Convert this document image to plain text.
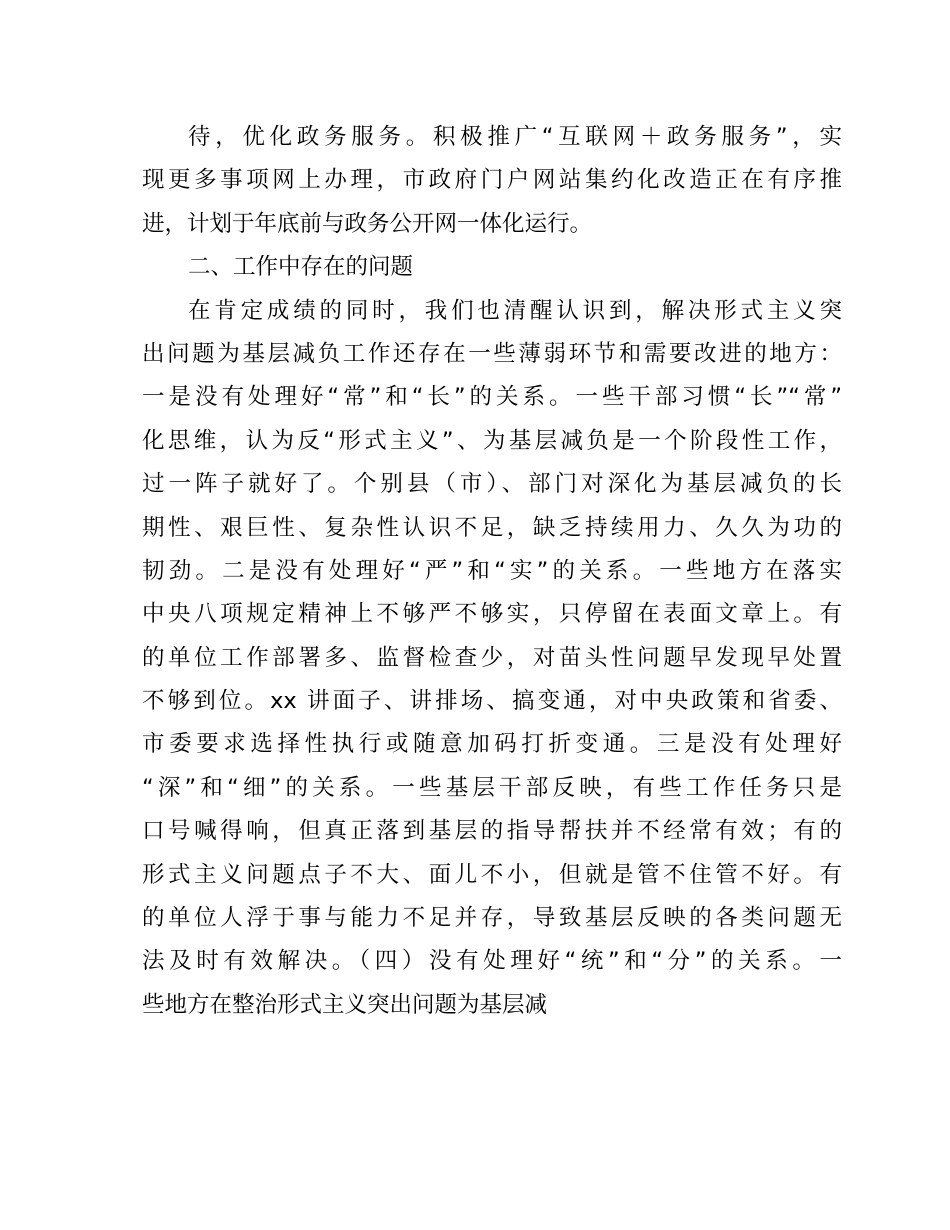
待，优化政务服务。积极推广“互联网＋政务服务”，实
现更多事项网上办理，市政府门户网站集约化改造正在有序推
进，计划于年底前与政务公开网一体化运行。
二、工作中存在的问题
在肯定成绩的同时，我们也清醒认识到，解决形式主义突
出问题为基层减负工作还存在一些薄弱环节和需要改进的地方：
一是没有处理好“常”和“长”的关系。一些干部习惯“长”“常”
化思维，认为反“形式主义”、为基层减负是一个阶段性工作，
过一阵子就好了。个别县（市）、部门对深化为基层减负的长
期性、艰巨性、复杂性认识不足，缺乏持续用力、久久为功的
韧劲。二是没有处理好“严”和“实”的关系。一些地方在落实
中央八项规定精神上不够严不够实，只停留在表面文章上。有
的单位工作部署多、监督检查少，对苗头性问题早发现早处置
不够到位。xx 讲面子、讲排场、搞变通，对中央政策和省委、
市委要求选择性执行或随意加码打折变通。三是没有处理好
“深”和“细”的关系。一些基层干部反映，有些工作任务只是
口号喊得响，但真正落到基层的指导帮扶并不经常有效；有的
形式主义问题点子不大、面儿不小，但就是管不住管不好。有
的单位人浮于事与能力不足并存，导致基层反映的各类问题无
法及时有效解决。（四）没有处理好“统”和“分”的关系。一
些地方在整治形式主义突出问题为基层减
